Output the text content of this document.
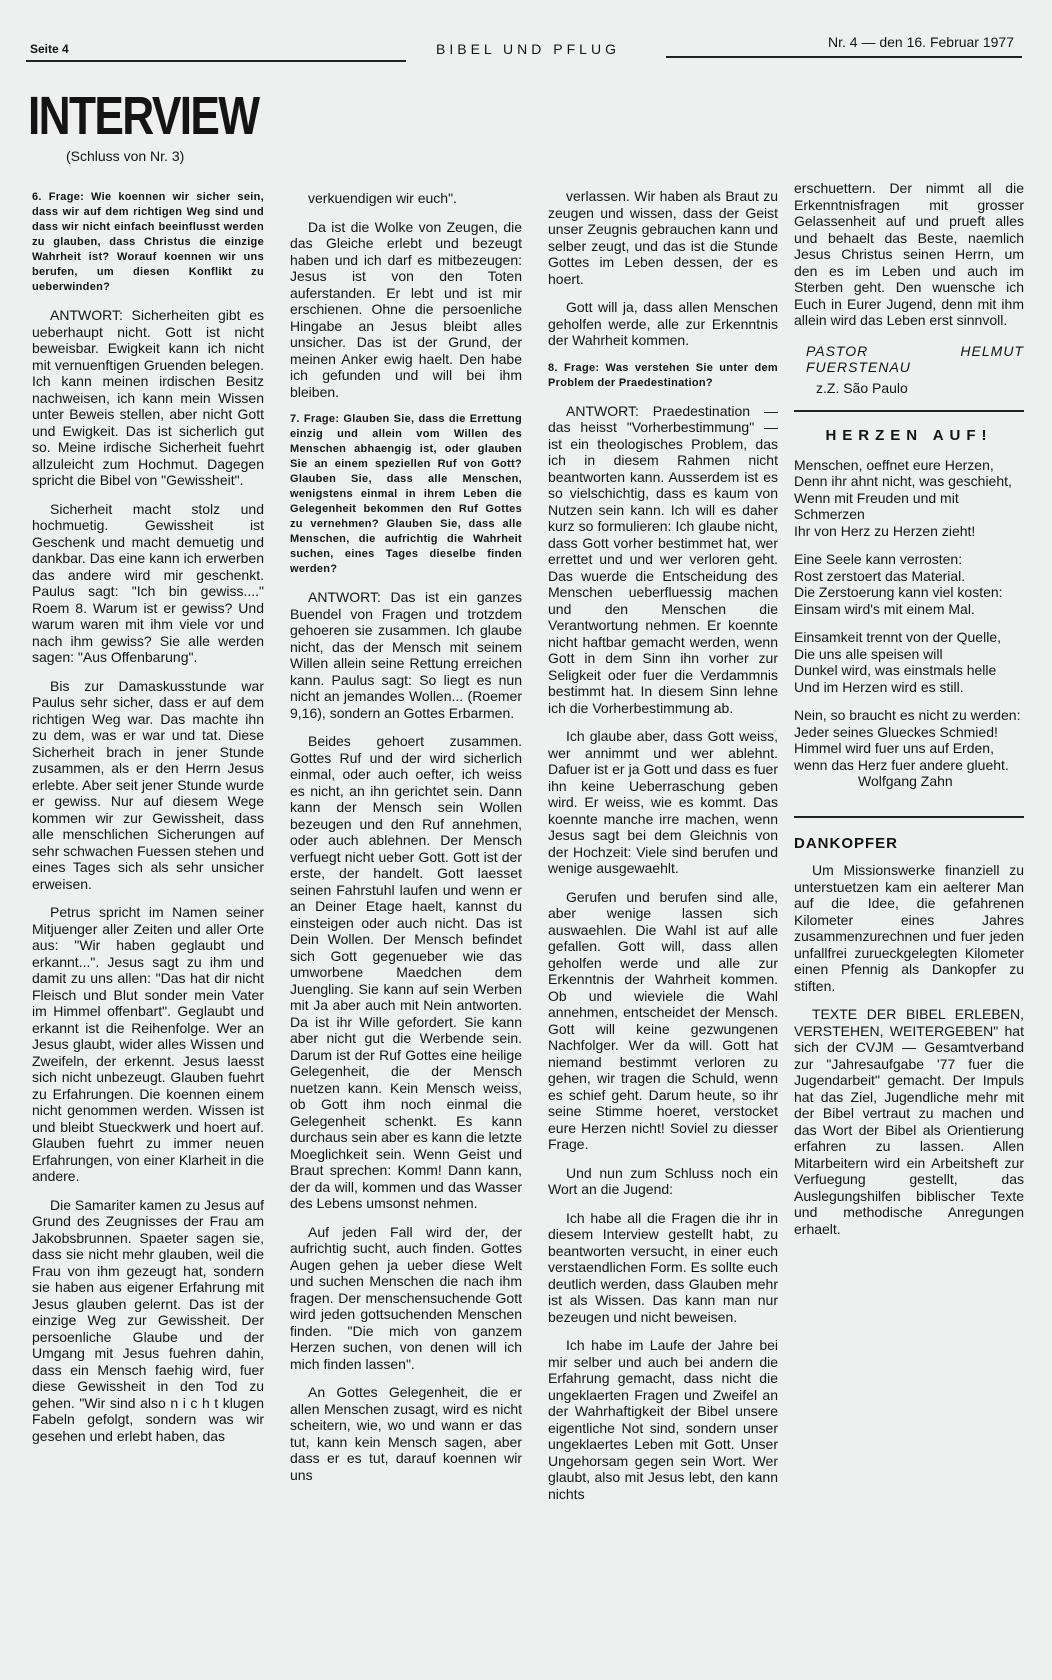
Seite 4	BIBEL UND PFLUG	Nr. 4 — den 16. Februar 1977
INTERVIEW
(Schluss von Nr. 3)

6. Frage: Wie koennen wir sicher sein, dass wir auf dem richtigen Weg sind und dass wir nicht einfach beeinflusst werden zu glauben, dass Christus die einzige Wahrheit ist? Worauf koennen wir uns berufen, um diesen Konflikt zu ueberwinden?

ANTWORT: Sicherheiten gibt es ueberhaupt nicht. Gott ist nicht beweisbar. Ewigkeit kann ich nicht mit vernuenftigen Gruenden belegen. Ich kann meinen irdischen Besitz nachweisen, ich kann mein Wissen unter Beweis stellen, aber nicht Gott und Ewigkeit. Das ist sicherlich gut so. Meine irdische Sicherheit fuehrt allzuleicht zum Hochmut. Dagegen spricht die Bibel von "Gewissheit".

Sicherheit macht stolz und hochmuetig. Gewissheit ist Geschenk und macht demuetig und dankbar. Das eine kann ich erwerben das andere wird mir geschenkt. Paulus sagt: "Ich bin gewiss...." Roem 8. Warum ist er gewiss? Und warum waren mit ihm viele vor und nach ihm gewiss? Sie alle werden sagen: "Aus Offenbarung".

Bis zur Damaskusstunde war Paulus sehr sicher, dass er auf dem richtigen Weg war. Das machte ihn zu dem, was er war und tat. Diese Sicherheit brach in jener Stunde zusammen, als er den Herrn Jesus erlebte. Aber seit jener Stunde wurde er gewiss. Nur auf diesem Wege kommen wir zur Gewissheit, dass alle menschlichen Sicherungen auf sehr schwachen Fuessen stehen und eines Tages sich als sehr unsicher erweisen.

Petrus spricht im Namen seiner Mitjuenger aller Zeiten und aller Orte aus: "Wir haben geglaubt und erkannt...". Jesus sagt zu ihm und damit zu uns allen: "Das hat dir nicht Fleisch und Blut sonder mein Vater im Himmel offenbart". Geglaubt und erkannt ist die Reihenfolge. Wer an Jesus glaubt, wider alles Wissen und Zweifeln, der erkennt. Jesus laesst sich nicht unbezeugt. Glauben fuehrt zu Erfahrungen. Die koennen einem nicht genommen werden. Wissen ist und bleibt Stueckwerk und hoert auf. Glauben fuehrt zu immer neuen Erfahrungen, von einer Klarheit in die andere.

Die Samariter kamen zu Jesus auf Grund des Zeugnisses der Frau am Jakobsbrunnen. Spaeter sagen sie, dass sie nicht mehr glauben, weil die Frau von ihm gezeugt hat, sondern sie haben aus eigener Erfahrung mit Jesus glauben gelernt. Das ist der einzige Weg zur Gewissheit. Der persoenliche Glaube und der Umgang mit Jesus fuehren dahin, dass ein Mensch faehig wird, fuer diese Gewissheit in den Tod zu gehen. "Wir sind also n i c h t klugen Fabeln gefolgt, sondern was wir gesehen und erlebt haben, das

verkuendigen wir euch".

Da ist die Wolke von Zeugen, die das Gleiche erlebt und bezeugt haben und ich darf es mitbezeugen: Jesus ist von den Toten auferstanden. Er lebt und ist mir erschienen. Ohne die persoenliche Hingabe an Jesus bleibt alles unsicher. Das ist der Grund, der meinen Anker ewig haelt. Den habe ich gefunden und will bei ihm bleiben.

7. Frage: Glauben Sie, dass die Errettung einzig und allein vom Willen des Menschen abhaengig ist, oder glauben Sie an einem speziellen Ruf von Gott? Glauben Sie, dass alle Menschen, wenigstens einmal in ihrem Leben die Gelegenheit bekommen den Ruf Gottes zu vernehmen? Glauben Sie, dass alle Menschen, die aufrichtig die Wahrheit suchen, eines Tages dieselbe finden werden?

ANTWORT: Das ist ein ganzes Buendel von Fragen und trotzdem gehoeren sie zusammen. Ich glaube nicht, das der Mensch mit seinem Willen allein seine Rettung erreichen kann. Paulus sagt: So liegt es nun nicht an jemandes Wollen... (Roemer 9,16), sondern an Gottes Erbarmen.

Beides gehoert zusammen. Gottes Ruf und der wird sicherlich einmal, oder auch oefter, ich weiss es nicht, an ihn gerichtet sein. Dann kann der Mensch sein Wollen bezeugen und den Ruf annehmen, oder auch ablehnen. Der Mensch verfuegt nicht ueber Gott. Gott ist der erste, der handelt. Gott laesset seinen Fahrstuhl laufen und wenn er an Deiner Etage haelt, kannst du einsteigen oder auch nicht. Das ist Dein Wollen. Der Mensch befindet sich Gott gegenueber wie das umworbene Maedchen dem Juengling. Sie kann auf sein Werben mit Ja aber auch mit Nein antworten. Da ist ihr Wille gefordert. Sie kann aber nicht gut die Werbende sein. Darum ist der Ruf Gottes eine heilige Gelegenheit, die der Mensch nuetzen kann. Kein Mensch weiss, ob Gott ihm noch einmal die Gelegenheit schenkt. Es kann durchaus sein aber es kann die letzte Moeglichkeit sein. Wenn Geist und Braut sprechen: Komm! Dann kann, der da will, kommen und das Wasser des Lebens umsonst nehmen.

Auf jeden Fall wird der, der aufrichtig sucht, auch finden. Gottes Augen gehen ja ueber diese Welt und suchen Menschen die nach ihm fragen. Der menschensuchende Gott wird jeden gottsuchenden Menschen finden. "Die mich von ganzem Herzen suchen, von denen will ich mich finden lassen".

An Gottes Gelegenheit, die er allen Menschen zusagt, wird es nicht scheitern, wie, wo und wann er das tut, kann kein Mensch sagen, aber dass er es tut, darauf koennen wir uns

verlassen. Wir haben als Braut zu zeugen und wissen, dass der Geist unser Zeugnis gebrauchen kann und selber zeugt, und das ist die Stunde Gottes im Leben dessen, der es hoert.

Gott will ja, dass allen Menschen geholfen werde, alle zur Erkenntnis der Wahrheit kommen.

8. Frage: Was verstehen Sie unter dem Problem der Praedestination?

ANTWORT: Praedestination — das heisst "Vorherbestimmung" — ist ein theologisches Problem, das ich in diesem Rahmen nicht beantworten kann. Ausserdem ist es so vielschichtig, dass es kaum von Nutzen sein kann. Ich will es daher kurz so formulieren: Ich glaube nicht, dass Gott vorher bestimmet hat, wer errettet und und wer verloren geht. Das wuerde die Entscheidung des Menschen ueberfluessig machen und den Menschen die Verantwortung nehmen. Er koennte nicht haftbar gemacht werden, wenn Gott in dem Sinn ihn vorher zur Seligkeit oder fuer die Verdammnis bestimmt hat. In diesem Sinn lehne ich die Vorherbestimmung ab.

Ich glaube aber, dass Gott weiss, wer annimmt und wer ablehnt. Dafuer ist er ja Gott und dass es fuer ihn keine Ueberraschung geben wird. Er weiss, wie es kommt. Das koennte manche irre machen, wenn Jesus sagt bei dem Gleichnis von der Hochzeit: Viele sind berufen und wenige ausgewaehlt.

Gerufen und berufen sind alle, aber wenige lassen sich auswaehlen. Die Wahl ist auf alle gefallen. Gott will, dass allen geholfen werde und alle zur Erkenntnis der Wahrheit kommen. Ob und wieviele die Wahl annehmen, entscheidet der Mensch. Gott will keine gezwungenen Nachfolger. Wer da will. Gott hat niemand bestimmt verloren zu gehen, wir tragen die Schuld, wenn es schief geht. Darum heute, so ihr seine Stimme hoeret, verstocket eure Herzen nicht! Soviel zu diesser Frage.

Und nun zum Schluss noch ein Wort an die Jugend:

Ich habe all die Fragen die ihr in diesem Interview gestellt habt, zu beantworten versucht, in einer euch verstaendlichen Form. Es sollte euch deutlich werden, dass Glauben mehr ist als Wissen. Das kann man nur bezeugen und nicht beweisen.

Ich habe im Laufe der Jahre bei mir selber und auch bei andern die Erfahrung gemacht, dass nicht die ungeklaerten Fragen und Zweifel an der Wahrhaftigkeit der Bibel unsere eigentliche Not sind, sondern unser ungeklaertes Leben mit Gott. Unser Ungehorsam gegen sein Wort. Wer glaubt, also mit Jesus lebt, den kann nichts

erschuettern. Der nimmt all die Erkenntnisfragen mit grosser Gelassenheit auf und prueft alles und behaelt das Beste, naemlich Jesus Christus seinen Herrn, um den es im Leben und auch im Sterben geht. Den wuensche ich Euch in Eurer Jugend, denn mit ihm allein wird das Leben erst sinnvoll.

PASTOR HELMUT FUERSTENAU
z.Z. São Paulo
HERZEN AUF!
Menschen, oeffnet eure Herzen,
Denn ihr ahnt nicht, was geschieht,
Wenn mit Freuden und mit Schmerzen
Ihr von Herz zu Herzen zieht!
Eine Seele kann verrosten:
Rost zerstoert das Material.
Die Zerstoerung kann viel kosten:
Einsam wird's mit einem Mal.
Einsamkeit trennt von der Quelle,
Die uns alle speisen will
Dunkel wird, was einstmals helle
Und im Herzen wird es still.
Nein, so braucht es nicht zu werden:
Jeder seines Glueckes Schmied!
Himmel wird fuer uns auf Erden, wenn das Herz fuer andere glueht.
Wolfgang Zahn
DANKOPFER

Um Missionswerke finanziell zu unterstuetzen kam ein aelterer Man auf die Idee, die gefahrenen Kilometer eines Jahres zusammenzurechnen und fuer jeden unfallfrei zurueckgelegten Kilometer einen Pfennig als Dankopfer zu stiften.

TEXTE DER BIBEL ERLEBEN, VERSTEHEN, WEITERGEBEN" hat sich der CVJM — Gesamtverband zur "Jahresaufgabe '77 fuer die Jugendarbeit" gemacht. Der Impuls hat das Ziel, Jugendliche mehr mit der Bibel vertraut zu machen und das Wort der Bibel als Orientierung erfahren zu lassen. Allen Mitarbeitern wird ein Arbeitsheft zur Verfuegung gestellt, das Auslegungshilfen biblischer Texte und methodische Anregungen erhaelt.
